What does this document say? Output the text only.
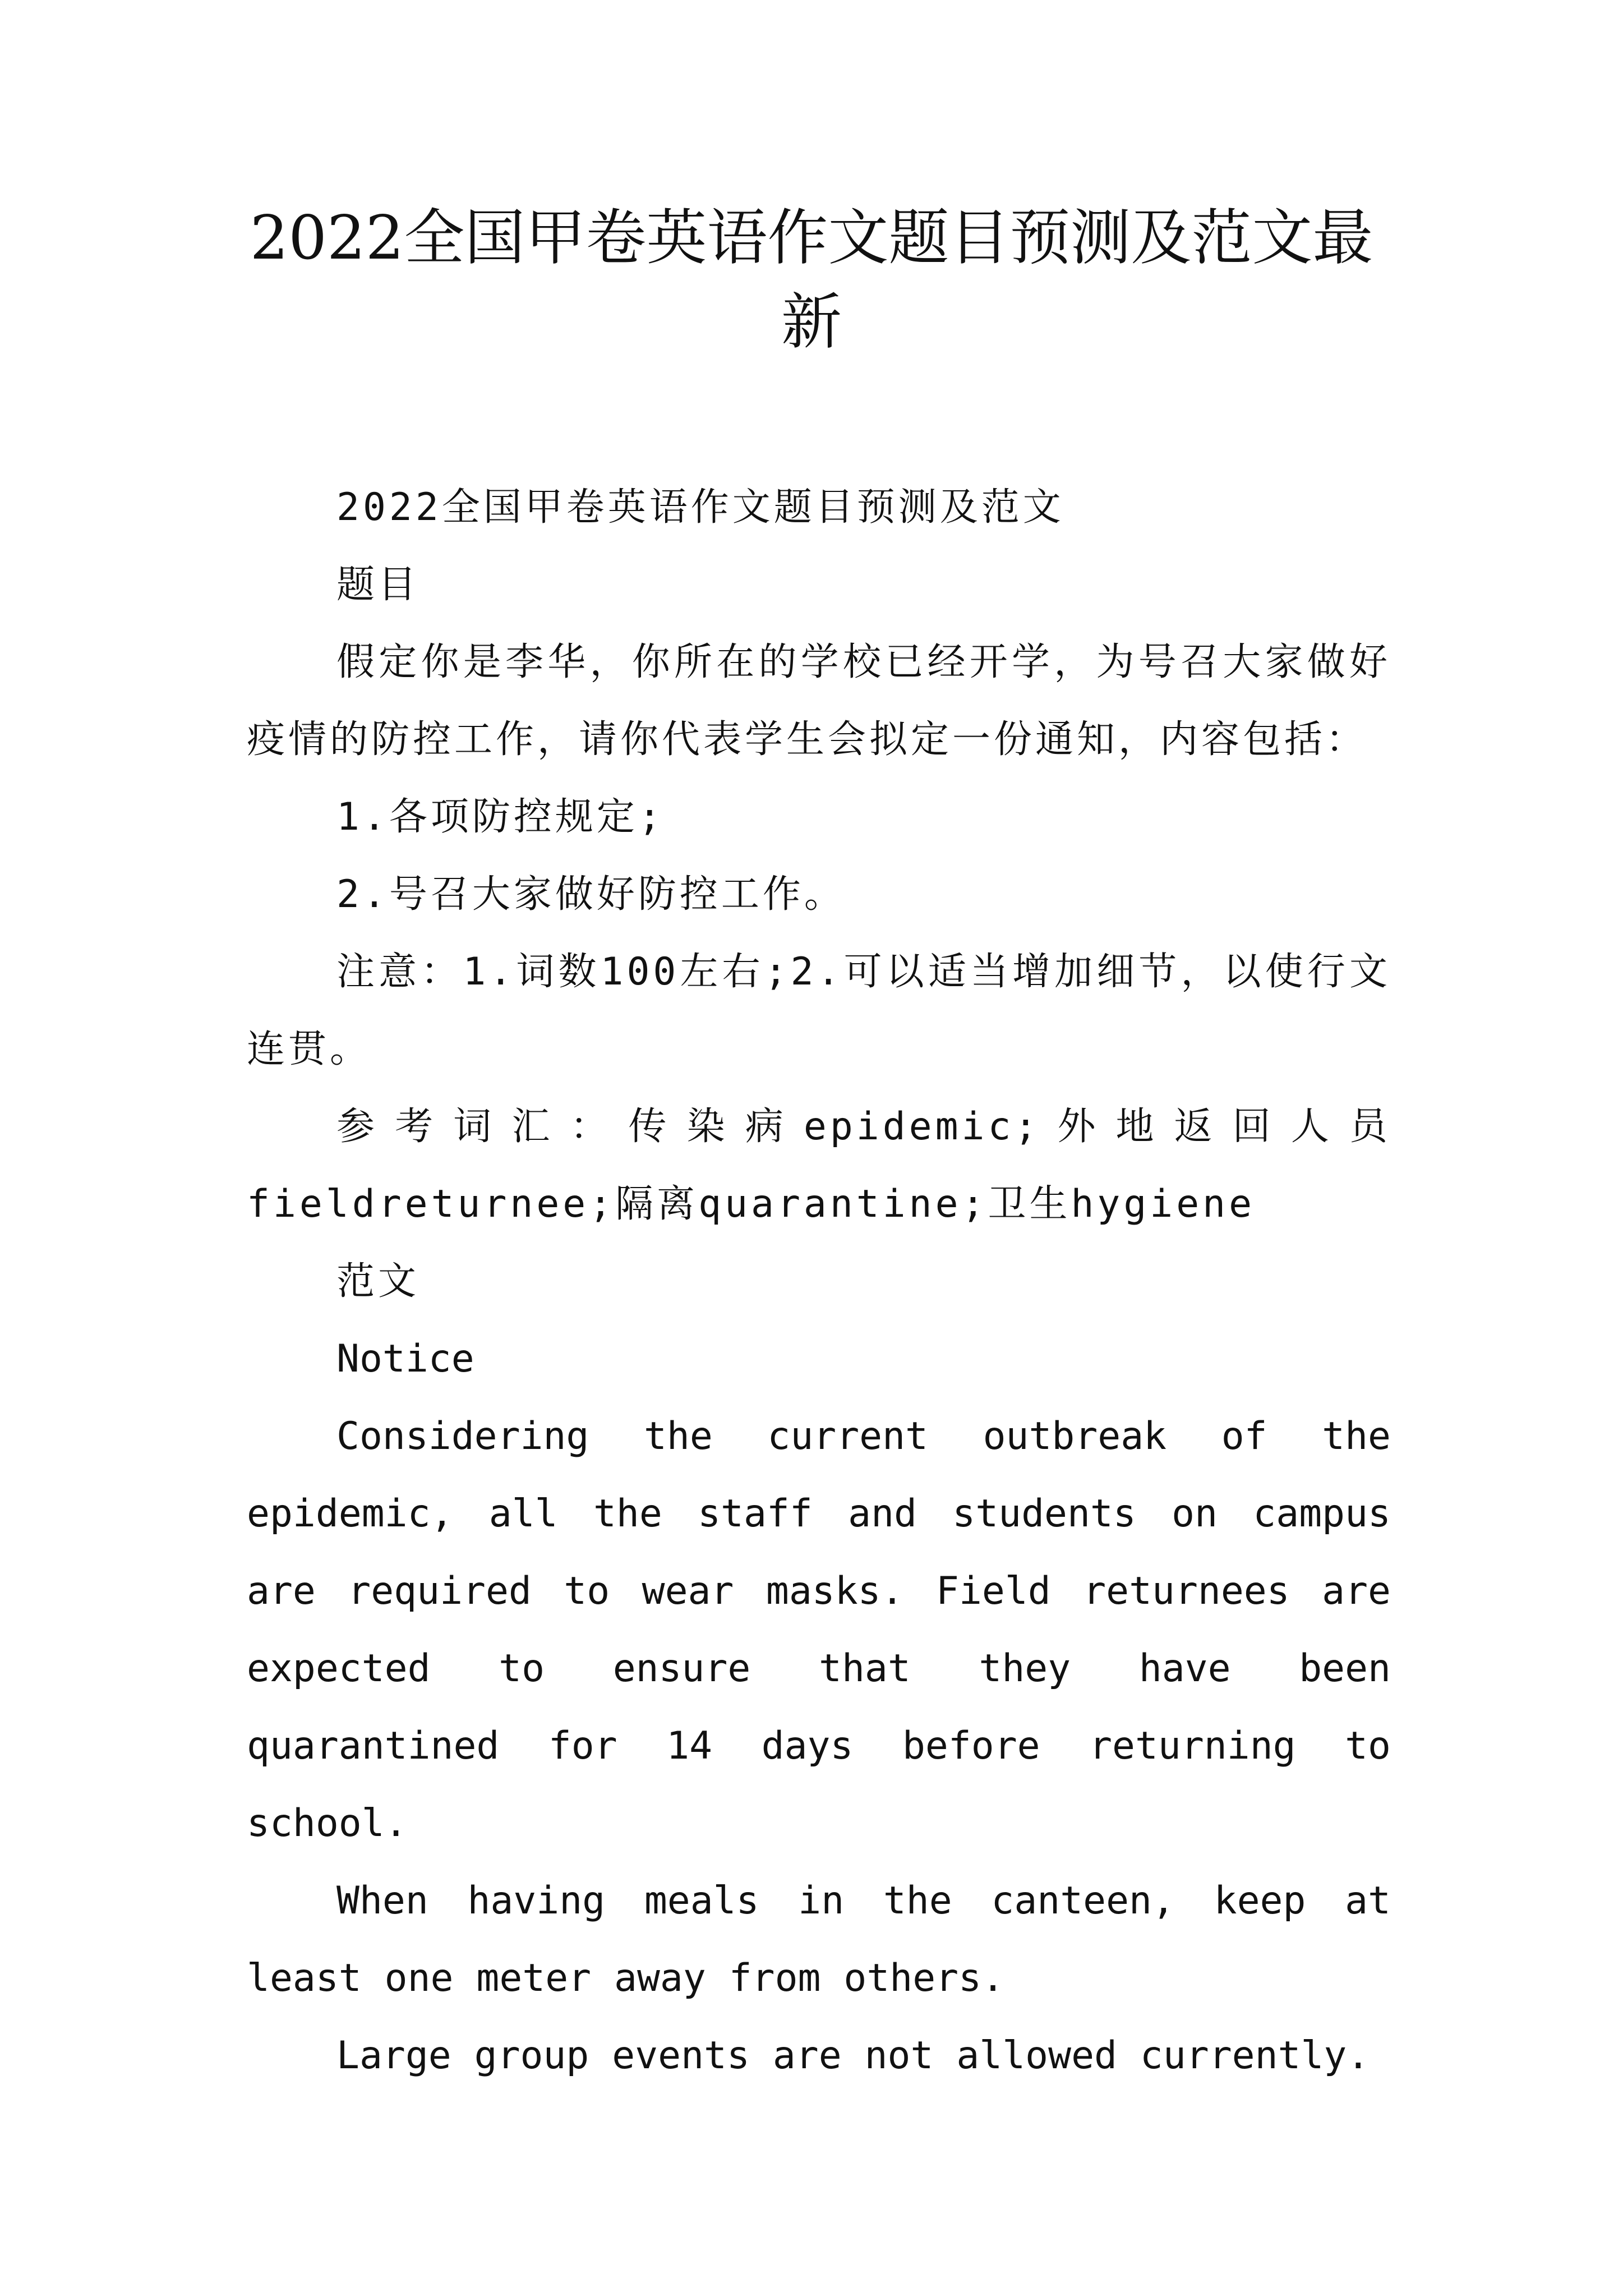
2022全国甲卷英语作文题目预测及范文最新

2022全国甲卷英语作文题目预测及范文

题目

假定你是李华，你所在的学校已经开学，为号召大家做好疫情的防控工作，请你代表学生会拟定一份通知，内容包括：

1.各项防控规定;

2.号召大家做好防控工作。

注意：1.词数100左右;2.可以适当增加细节，以使行文连贯。

参考词汇：传染病epidemic;外地返回人员fieldreturnee;隔离quarantine;卫生hygiene

范文

Notice

Considering the current outbreak of the epidemic, all the staff and students on campus are required to wear masks. Field returnees are expected to ensure that they have been quarantined for 14 days before returning to school.

When having meals in the canteen, keep at least one meter away from others.

Large group events are not allowed currently.
